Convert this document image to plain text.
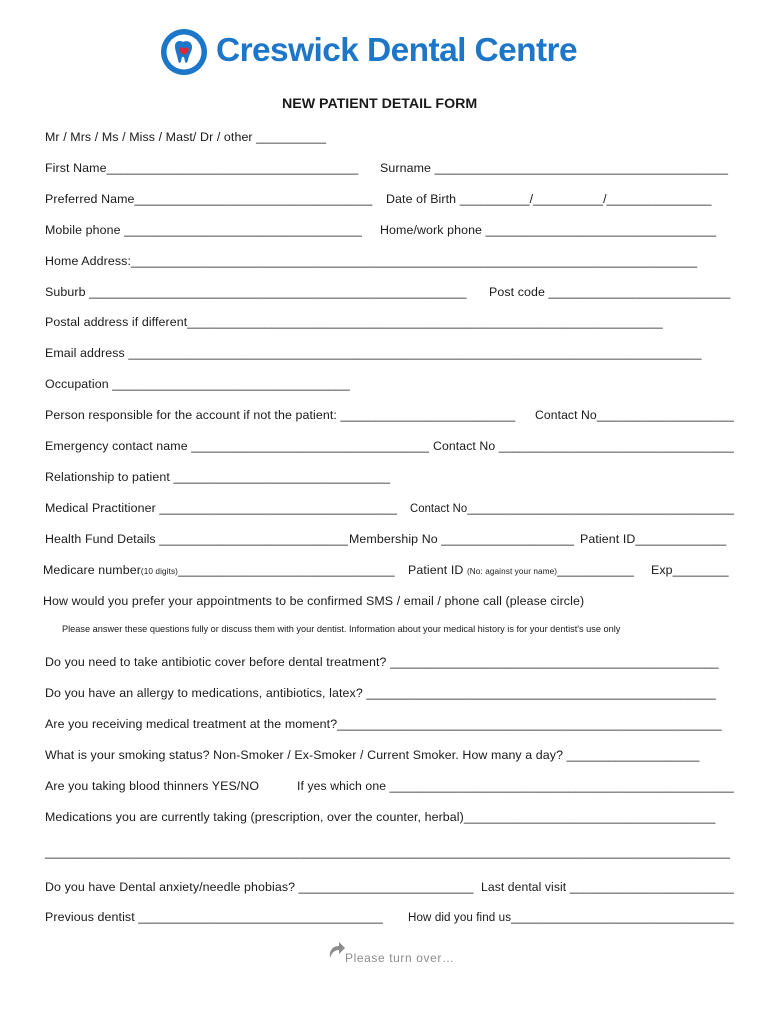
Creswick Dental Centre
NEW PATIENT DETAIL FORM
Mr / Mrs / Ms / Miss / Mast/ Dr / other __________
First Name____________________________________ Surname __________________________________________
Preferred Name__________________________________ Date of Birth __________/__________/_______________
Mobile phone __________________________________ Home/work phone _________________________________
Home Address:_________________________________________________________________________________
Suburb ______________________________________________________ Post code __________________________
Postal address if different____________________________________________________________________
Email address __________________________________________________________________________________
Occupation __________________________________
Person responsible for the account if not the patient: _________________________ Contact No____________________
Emergency contact name __________________________________ Contact No __________________________________
Relationship to patient _______________________________
Medical Practitioner __________________________________ Contact No__________________________________________
Health Fund Details ___________________________ Membership No ___________________ Patient ID_____________
Medicare number(10 digits)_______________________________ Patient ID (No: against your name)___________ Exp________
How would you prefer your appointments to be confirmed SMS / email / phone call (please circle)
Please answer these questions fully or discuss them with your dentist. Information about your medical history is for your dentist's use only
Do you need to take antibiotic cover before dental treatment? _______________________________________________
Do you have an allergy to medications, antibiotics, latex? __________________________________________________
Are you receiving medical treatment at the moment?_______________________________________________________
What is your smoking status? Non-Smoker / Ex-Smoker / Current Smoker. How many a day? ___________________
Are you taking blood thinners YES/NO	If yes which one __________________________________________________
Medications you are currently taking (prescription, over the counter, herbal)____________________________________
__________________________________________________________________________________________________
Do you have Dental anxiety/needle phobias? _________________________ Last dental visit ________________________
Previous dentist ___________________________________ How did you find us__________________________________
Please turn over…
